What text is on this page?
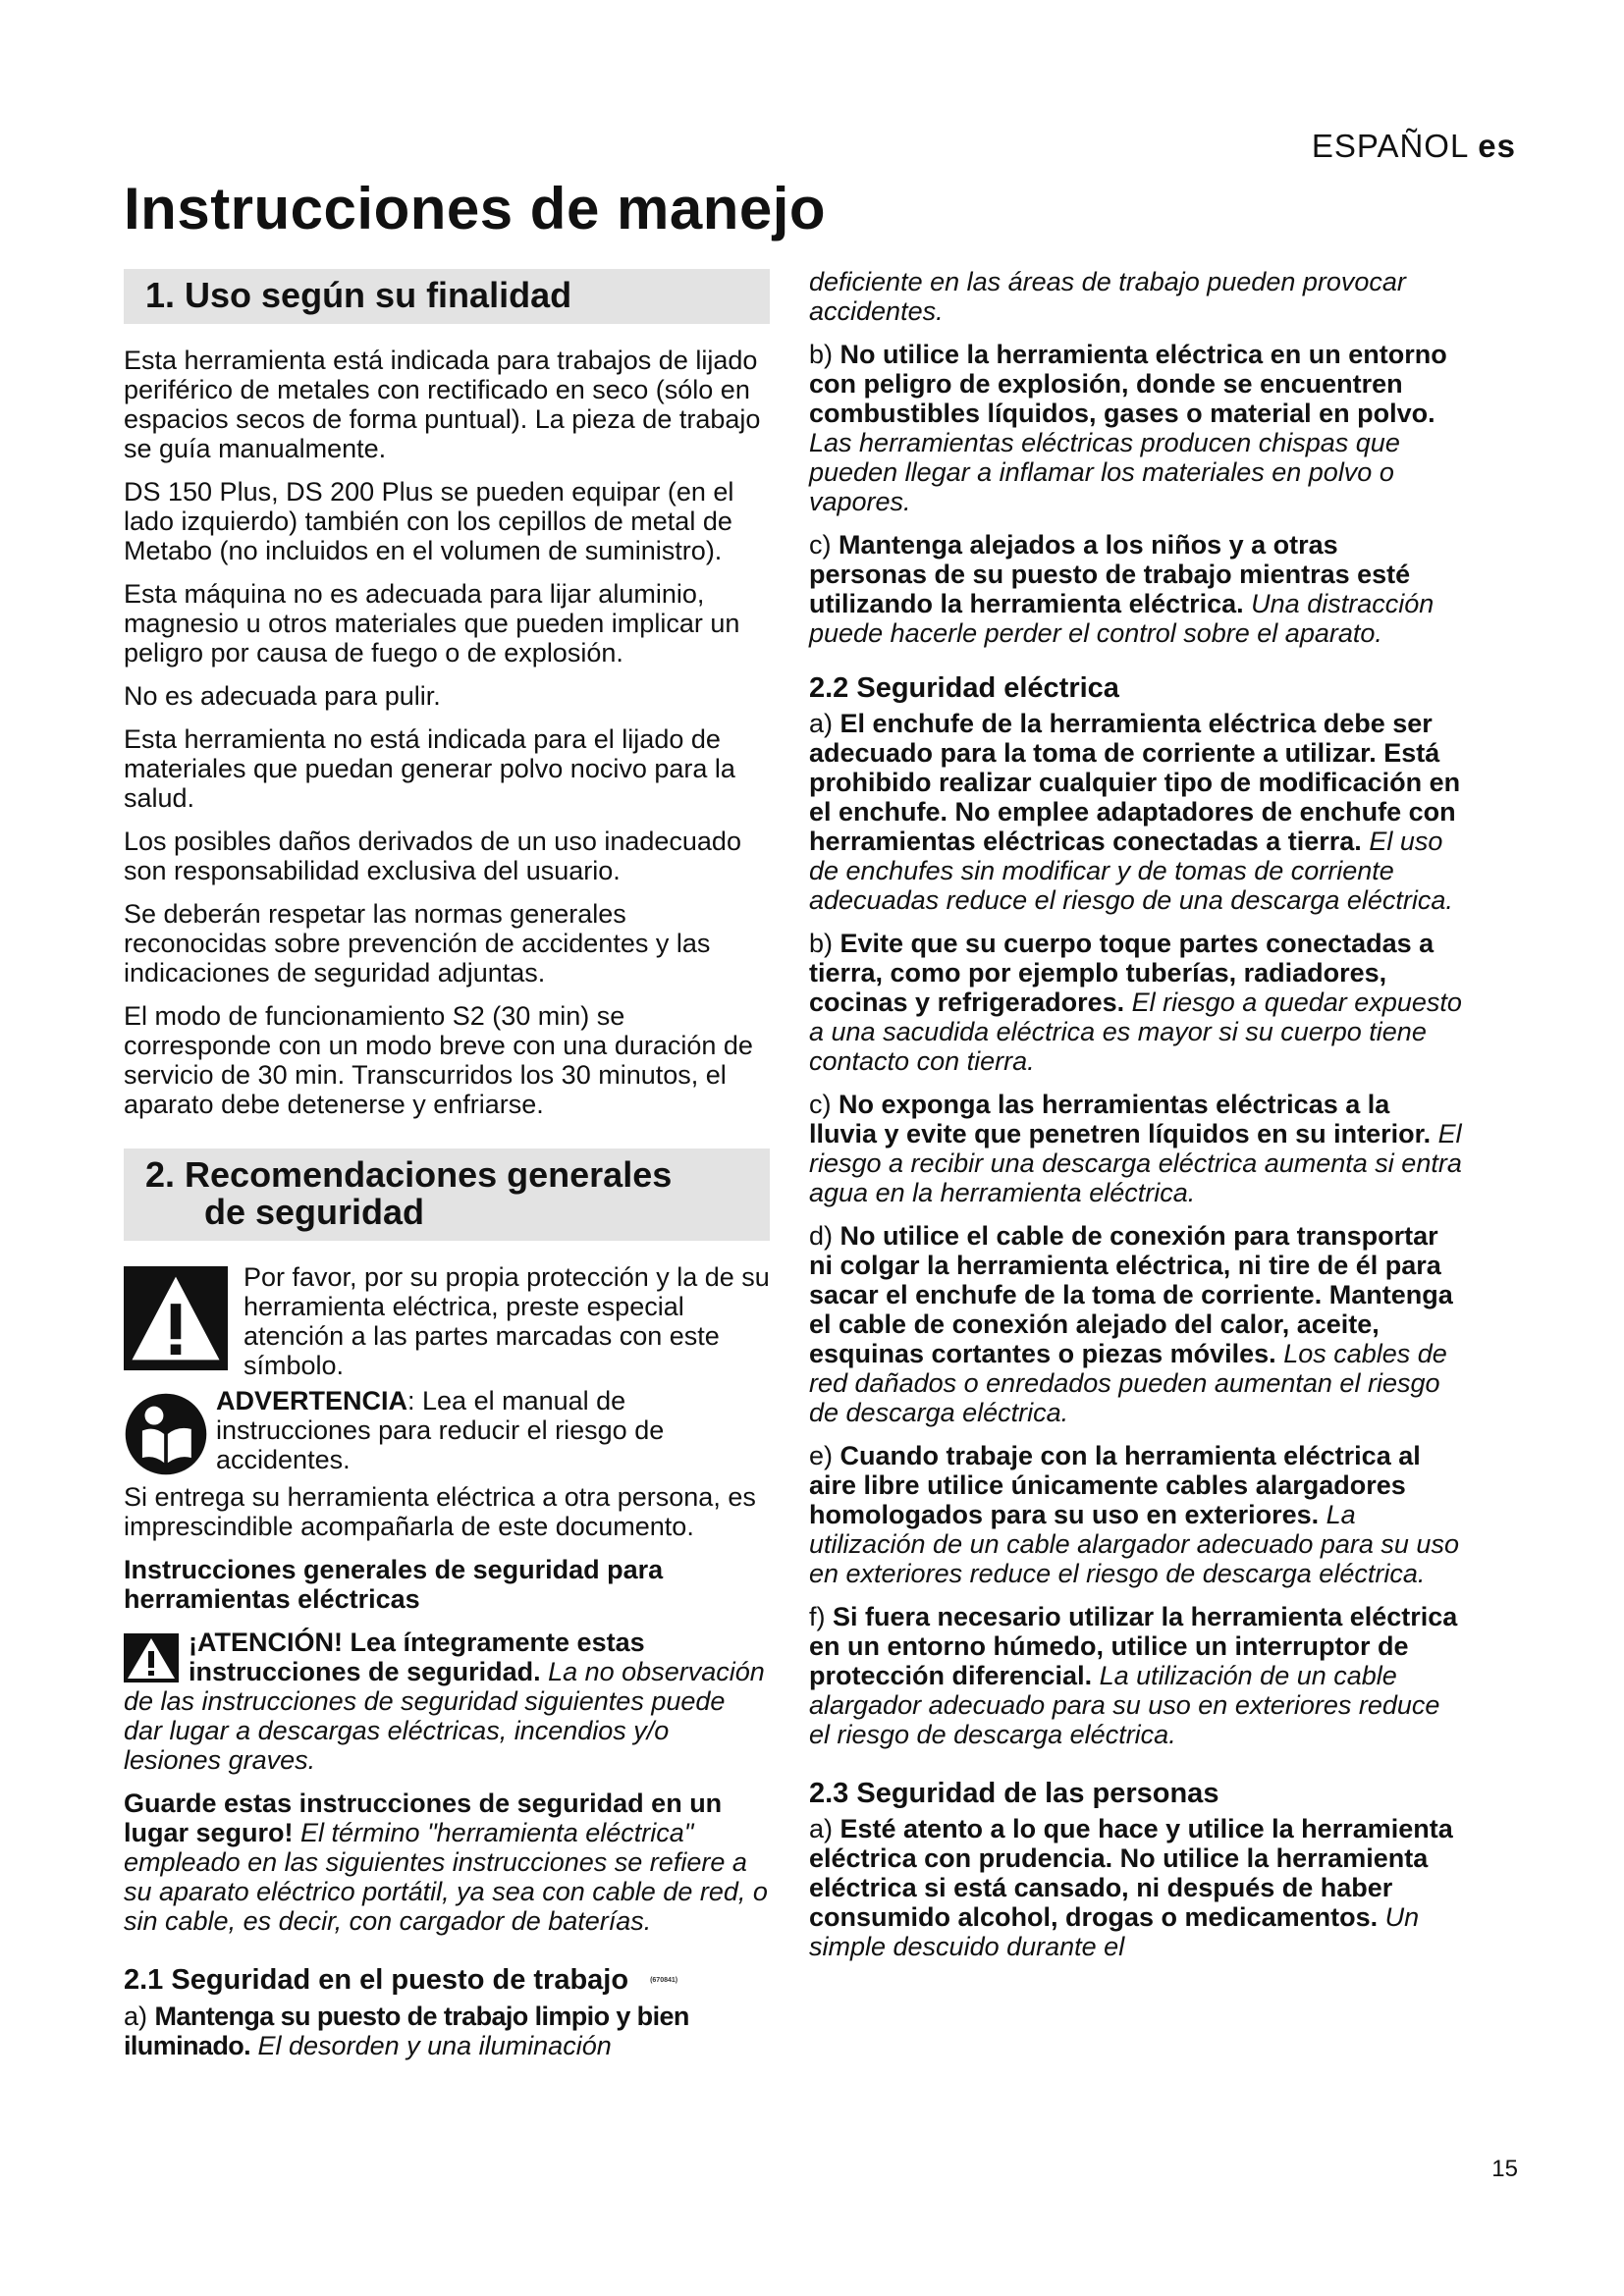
ESPAÑOL es
Instrucciones de manejo
1. Uso según su finalidad

Esta herramienta está indicada para trabajos de lijado periférico de metales con rectificado en seco (sólo en espacios secos de forma puntual). La pieza de trabajo se guía manualmente.

DS 150 Plus, DS 200 Plus se pueden equipar (en el lado izquierdo) también con los cepillos de metal de Metabo (no incluidos en el volumen de suministro).

Esta máquina no es adecuada para lijar aluminio, magnesio u otros materiales que pueden implicar un peligro por causa de fuego o de explosión.

No es adecuada para pulir.

Esta herramienta no está indicada para el lijado de materiales que puedan generar polvo nocivo para la salud.

Los posibles daños derivados de un uso inadecuado son responsabilidad exclusiva del usuario.

Se deberán respetar las normas generales reconocidas sobre prevención de accidentes y las indicaciones de seguridad adjuntas.

El modo de funcionamiento S2 (30 min) se corresponde con un modo breve con una duración de servicio de 30 min. Transcurridos los 30 minutos, el aparato debe detenerse y enfriarse.

2. Recomendaciones generales
de seguridad
Por favor, por su propia protección y la de su herramienta eléctrica, preste especial atención a las partes marcadas con este símbolo.
ADVERTENCIA: Lea el manual de instrucciones para reducir el riesgo de accidentes.

Si entrega su herramienta eléctrica a otra persona, es imprescindible acompañarla de este documento.

Instrucciones generales de seguridad para herramientas eléctricas

¡ATENCIÓN! Lea íntegramente estas instrucciones de seguridad. La no observación de las instrucciones de seguridad siguientes puede dar lugar a descargas eléctricas, incendios y/o lesiones graves.

Guarde estas instrucciones de seguridad en un lugar seguro! El término "herramienta eléctrica" empleado en las siguientes instrucciones se refiere a su aparato eléctrico portátil, ya sea con cable de red, o sin cable, es decir, con cargador de baterías.

2.1 Seguridad en el puesto de trabajo	(670841)

a) Mantenga su puesto de trabajo limpio y bien iluminado. El desorden y una iluminación

deficiente en las áreas de trabajo pueden provocar accidentes.

b) No utilice la herramienta eléctrica en un entorno con peligro de explosión, donde se encuentren combustibles líquidos, gases o material en polvo. Las herramientas eléctricas producen chispas que pueden llegar a inflamar los materiales en polvo o vapores.

c) Mantenga alejados a los niños y a otras personas de su puesto de trabajo mientras esté utilizando la herramienta eléctrica. Una distracción puede hacerle perder el control sobre el aparato.

2.2 Seguridad eléctrica

a) El enchufe de la herramienta eléctrica debe ser adecuado para la toma de corriente a utilizar. Está prohibido realizar cualquier tipo de modificación en el enchufe. No emplee adaptadores de enchufe con herramientas eléctricas conectadas a tierra. El uso de enchufes sin modificar y de tomas de corriente adecuadas reduce el riesgo de una descarga eléctrica.

b) Evite que su cuerpo toque partes conectadas a tierra, como por ejemplo tuberías, radiadores, cocinas y refrigeradores. El riesgo a quedar expuesto a una sacudida eléctrica es mayor si su cuerpo tiene contacto con tierra.

c) No exponga las herramientas eléctricas a la lluvia y evite que penetren líquidos en su interior. El riesgo a recibir una descarga eléctrica aumenta si entra agua en la herramienta eléctrica.

d) No utilice el cable de conexión para transportar ni colgar la herramienta eléctrica, ni tire de él para sacar el enchufe de la toma de corriente. Mantenga el cable de conexión alejado del calor, aceite, esquinas cortantes o piezas móviles. Los cables de red dañados o enredados pueden aumentan el riesgo de descarga eléctrica.

e) Cuando trabaje con la herramienta eléctrica al aire libre utilice únicamente cables alargadores homologados para su uso en exteriores. La utilización de un cable alargador adecuado para su uso en exteriores reduce el riesgo de descarga eléctrica.

f) Si fuera necesario utilizar la herramienta eléctrica en un entorno húmedo, utilice un interruptor de protección diferencial. La utilización de un cable alargador adecuado para su uso en exteriores reduce el riesgo de descarga eléctrica.

2.3 Seguridad de las personas

a) Esté atento a lo que hace y utilice la herramienta eléctrica con prudencia. No utilice la herramienta eléctrica si está cansado, ni después de haber consumido alcohol, drogas o medicamentos. Un simple descuido durante el

15
